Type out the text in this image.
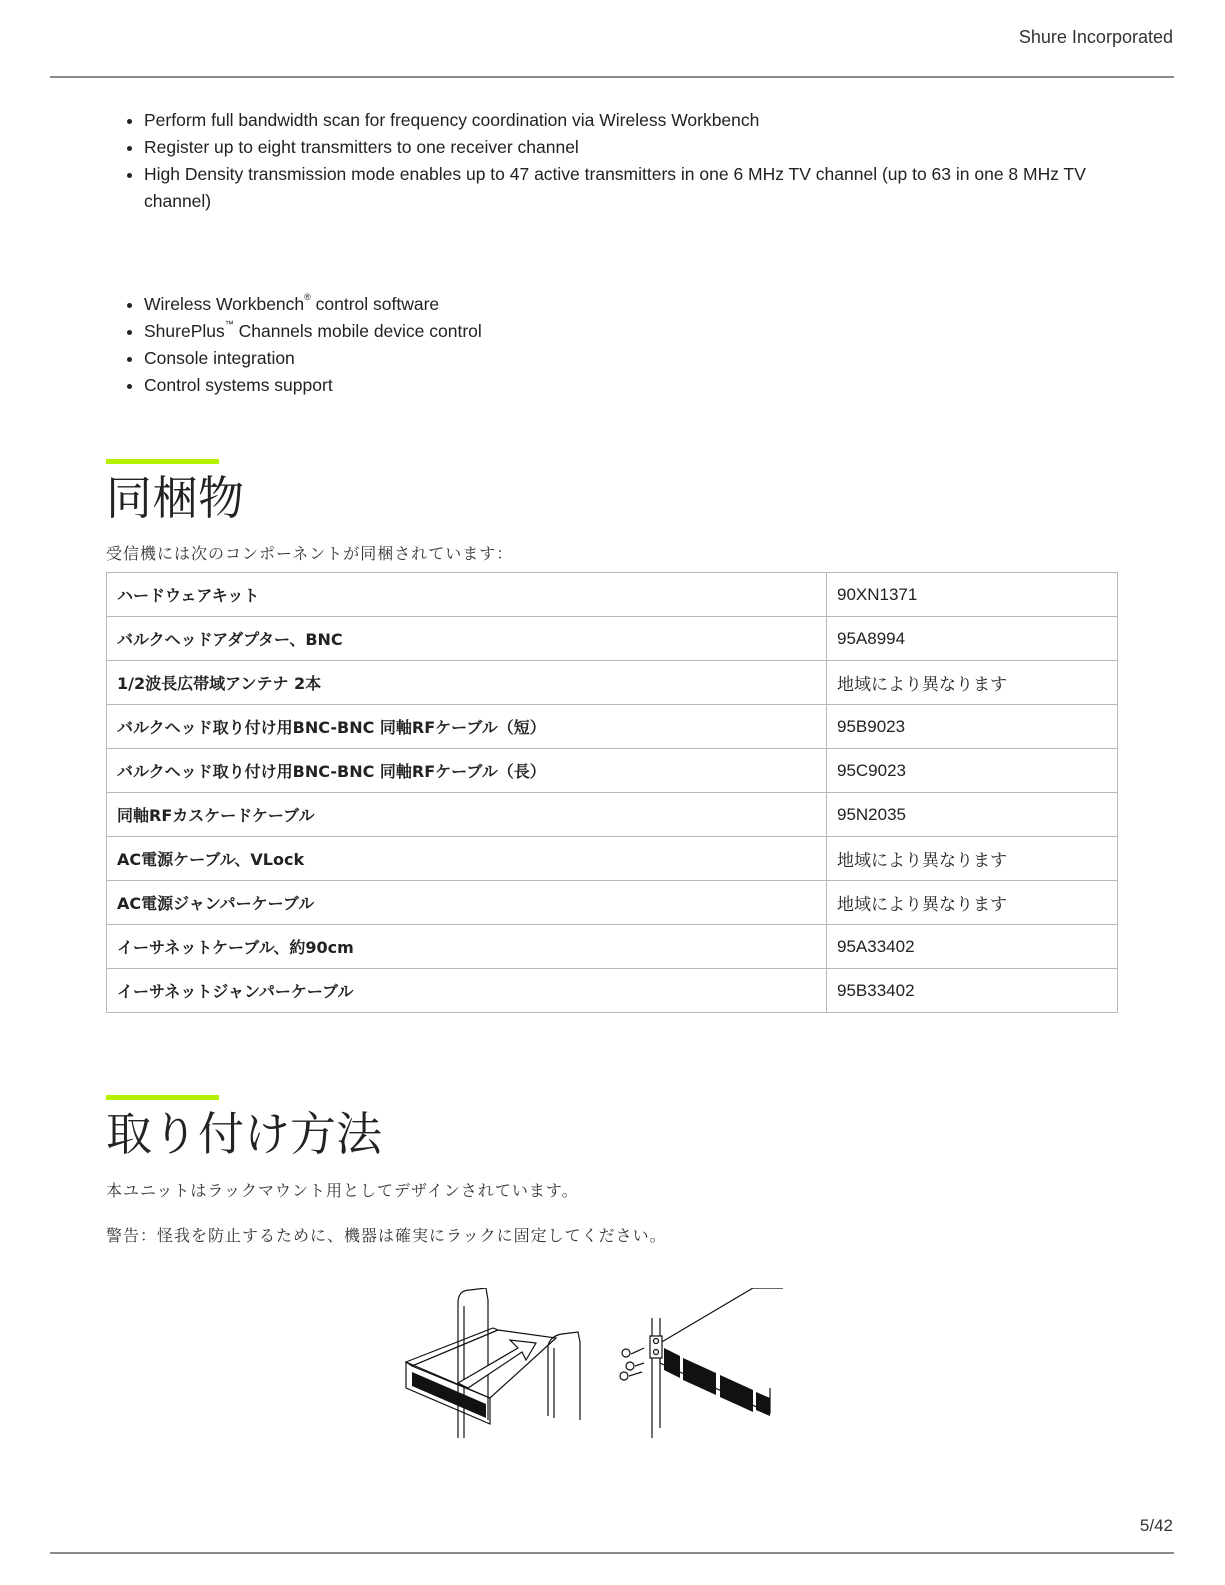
Shure Incorporated
• Perform full bandwidth scan for frequency coordination via Wireless Workbench
• Register up to eight transmitters to one receiver channel
• High Density transmission mode enables up to 47 active transmitters in one 6 MHz TV channel (up to 63 in one 8 MHz TV channel)
• Wireless Workbench® control software
• ShurePlus™ Channels mobile device control
• Console integration
• Control systems support
同梱物

受信機には次のコンポーネントが同梱されています：

ハードウェアキット	90XN1371
バルクヘッドアダプター、BNC	95A8994
1/2波長広帯域アンテナ 2本	地域により異なります
バルクヘッド取り付け用BNC-BNC 同軸RFケーブル（短）	95B9023
バルクヘッド取り付け用BNC-BNC 同軸RFケーブル（長）	95C9023
同軸RFカスケードケーブル	95N2035
AC電源ケーブル、VLock	地域により異なります
AC電源ジャンパーケーブル	地域により異なります
イーサネットケーブル、約90cm	95A33402
イーサネットジャンパーケーブル	95B33402
取り付け方法

本ユニットはラックマウント用としてデザインされています。

警告：怪我を防止するために、機器は確実にラックに固定してください。

5/42
